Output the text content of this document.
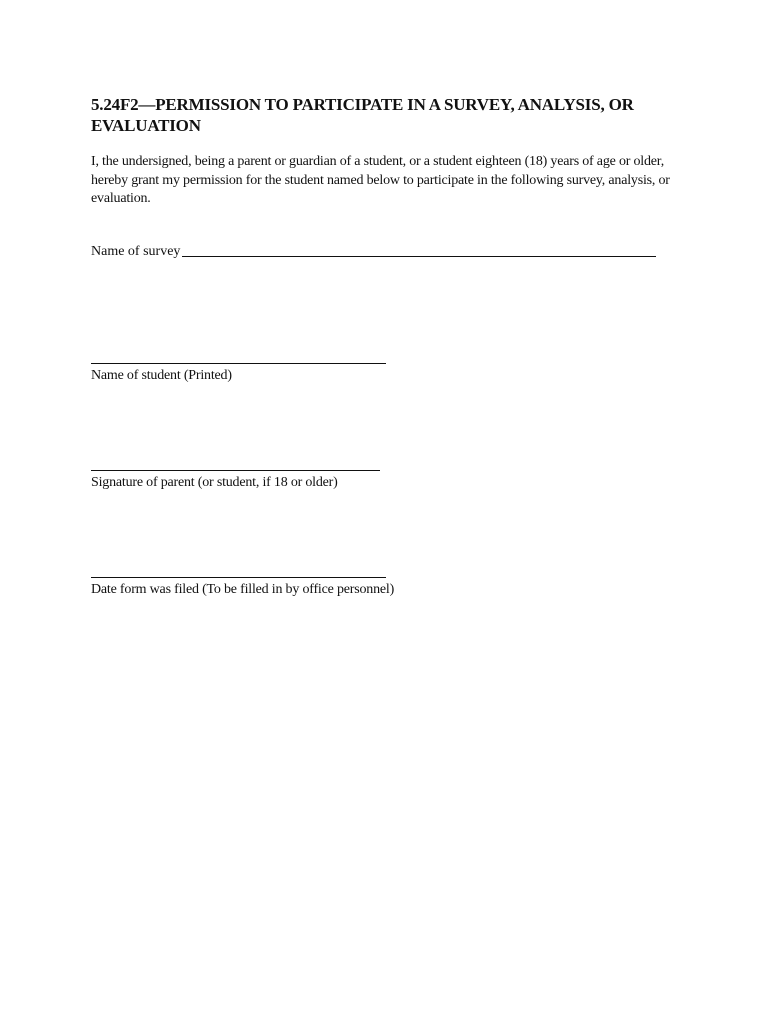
5.24F2—PERMISSION TO PARTICIPATE IN A SURVEY, ANALYSIS, OR EVALUATION

I, the undersigned, being a parent or guardian of a student, or a student eighteen (18) years of age or older, hereby grant my permission for the student named below to participate in the following survey, analysis, or evaluation.

Name of survey

Name of student (Printed)

Signature of parent (or student, if 18 or older)

Date form was filed (To be filled in by office personnel)
